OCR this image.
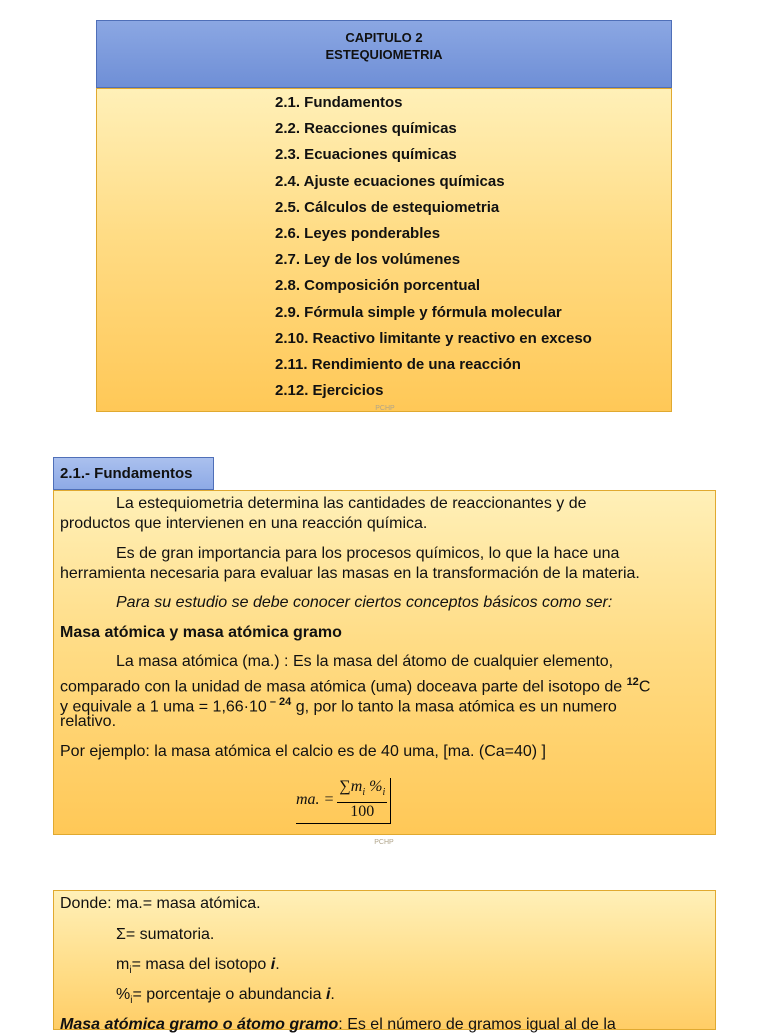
CAPITULO 2
ESTEQUIOMETRIA
2.1. Fundamentos
2.2. Reacciones químicas
2.3. Ecuaciones químicas
2.4. Ajuste ecuaciones químicas
2.5. Cálculos de estequiometria
2.6. Leyes ponderables
2.7. Ley de los volúmenes
2.8. Composición porcentual
2.9. Fórmula simple y fórmula molecular
2.10. Reactivo limitante y reactivo en exceso
2.11. Rendimiento de una reacción
2.12. Ejercicios
PCHP
2.1.- Fundamentos
La estequiometria determina las cantidades de reaccionantes y de
productos que intervienen en una reacción química.
Es de gran importancia para los procesos químicos, lo que la hace una
herramienta necesaria para evaluar las masas en la transformación de la materia.
Para su estudio se debe conocer ciertos conceptos básicos como ser:
Masa atómica y masa atómica gramo
La masa atómica (ma.) : Es la masa del átomo de cualquier elemento,
comparado con la unidad de masa atómica (uma) doceava parte del isotopo de $^{12}$C
y equivale a 1 uma = 1,66·10 $^{- 24}$ g, por lo tanto la masa atómica es un numero
relativo.
Por ejemplo: la masa atómica el calcio es de 40 uma, [ma. (Ca=40) ]
ma. = $\frac{\sum m_i \%_i}{100}$
PCHP
Donde: ma.= masa atómica.
Σ= sumatoria.
$m_i=$ masa del isotopo i.
$\%_i=$ porcentaje o abundancia i.
Masa atómica gramo o átomo gramo: Es el número de gramos igual al de la
